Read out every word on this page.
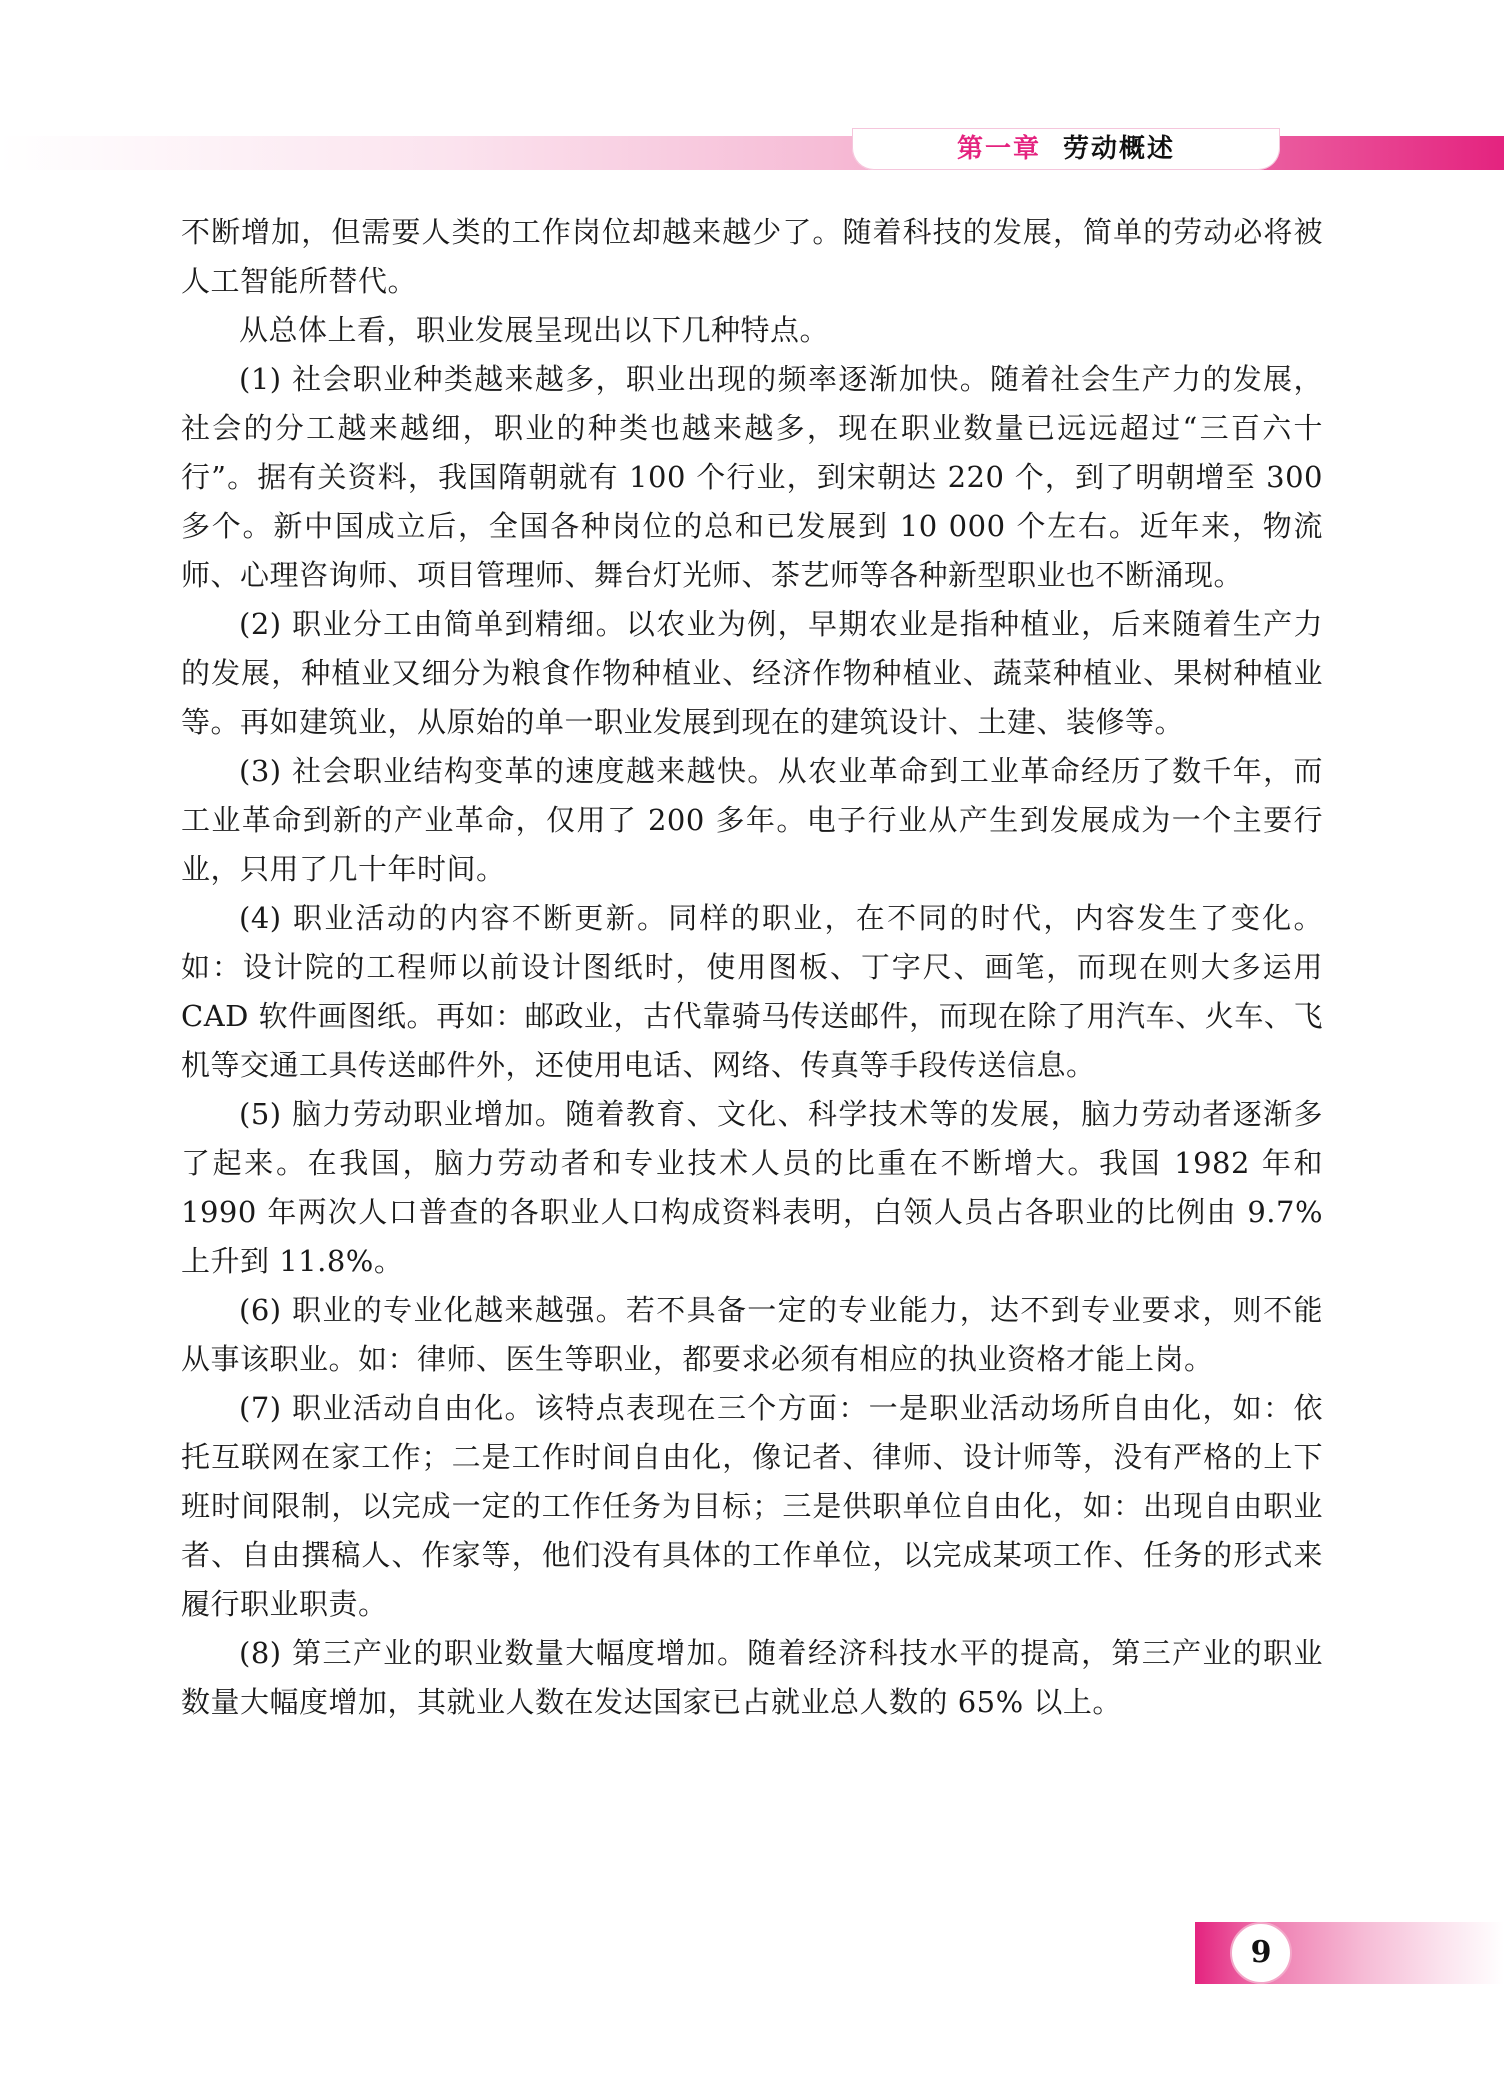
第一章 劳动概述

不断增加，但需要人类的工作岗位却越来越少了。随着科技的发展，简单的劳动必将被人工智能所替代。

从总体上看，职业发展呈现出以下几种特点。

(1) 社会职业种类越来越多，职业出现的频率逐渐加快。随着社会生产力的发展，社会的分工越来越细，职业的种类也越来越多，现在职业数量已远远超过“三百六十行”。据有关资料，我国隋朝就有 100 个行业，到宋朝达 220 个，到了明朝增至 300 多个。新中国成立后，全国各种岗位的总和已发展到 10 000 个左右。近年来，物流师、心理咨询师、项目管理师、舞台灯光师、茶艺师等各种新型职业也不断涌现。

(2) 职业分工由简单到精细。以农业为例，早期农业是指种植业，后来随着生产力的发展，种植业又细分为粮食作物种植业、经济作物种植业、蔬菜种植业、果树种植业等。再如建筑业，从原始的单一职业发展到现在的建筑设计、土建、装修等。

(3) 社会职业结构变革的速度越来越快。从农业革命到工业革命经历了数千年，而工业革命到新的产业革命，仅用了 200 多年。电子行业从产生到发展成为一个主要行业，只用了几十年时间。

(4) 职业活动的内容不断更新。同样的职业，在不同的时代，内容发生了变化。如：设计院的工程师以前设计图纸时，使用图板、丁字尺、画笔，而现在则大多运用 CAD 软件画图纸。再如：邮政业，古代靠骑马传送邮件，而现在除了用汽车、火车、飞机等交通工具传送邮件外，还使用电话、网络、传真等手段传送信息。

(5) 脑力劳动职业增加。随着教育、文化、科学技术等的发展，脑力劳动者逐渐多了起来。在我国，脑力劳动者和专业技术人员的比重在不断增大。我国 1982 年和 1990 年两次人口普查的各职业人口构成资料表明，白领人员占各职业的比例由 9.7% 上升到 11.8%。

(6) 职业的专业化越来越强。若不具备一定的专业能力，达不到专业要求，则不能从事该职业。如：律师、医生等职业，都要求必须有相应的执业资格才能上岗。

(7) 职业活动自由化。该特点表现在三个方面：一是职业活动场所自由化，如：依托互联网在家工作；二是工作时间自由化，像记者、律师、设计师等，没有严格的上下班时间限制，以完成一定的工作任务为目标；三是供职单位自由化，如：出现自由职业者、自由撰稿人、作家等，他们没有具体的工作单位，以完成某项工作、任务的形式来履行职业职责。

(8) 第三产业的职业数量大幅度增加。随着经济科技水平的提高，第三产业的职业数量大幅度增加，其就业人数在发达国家已占就业总人数的 65% 以上。

9
